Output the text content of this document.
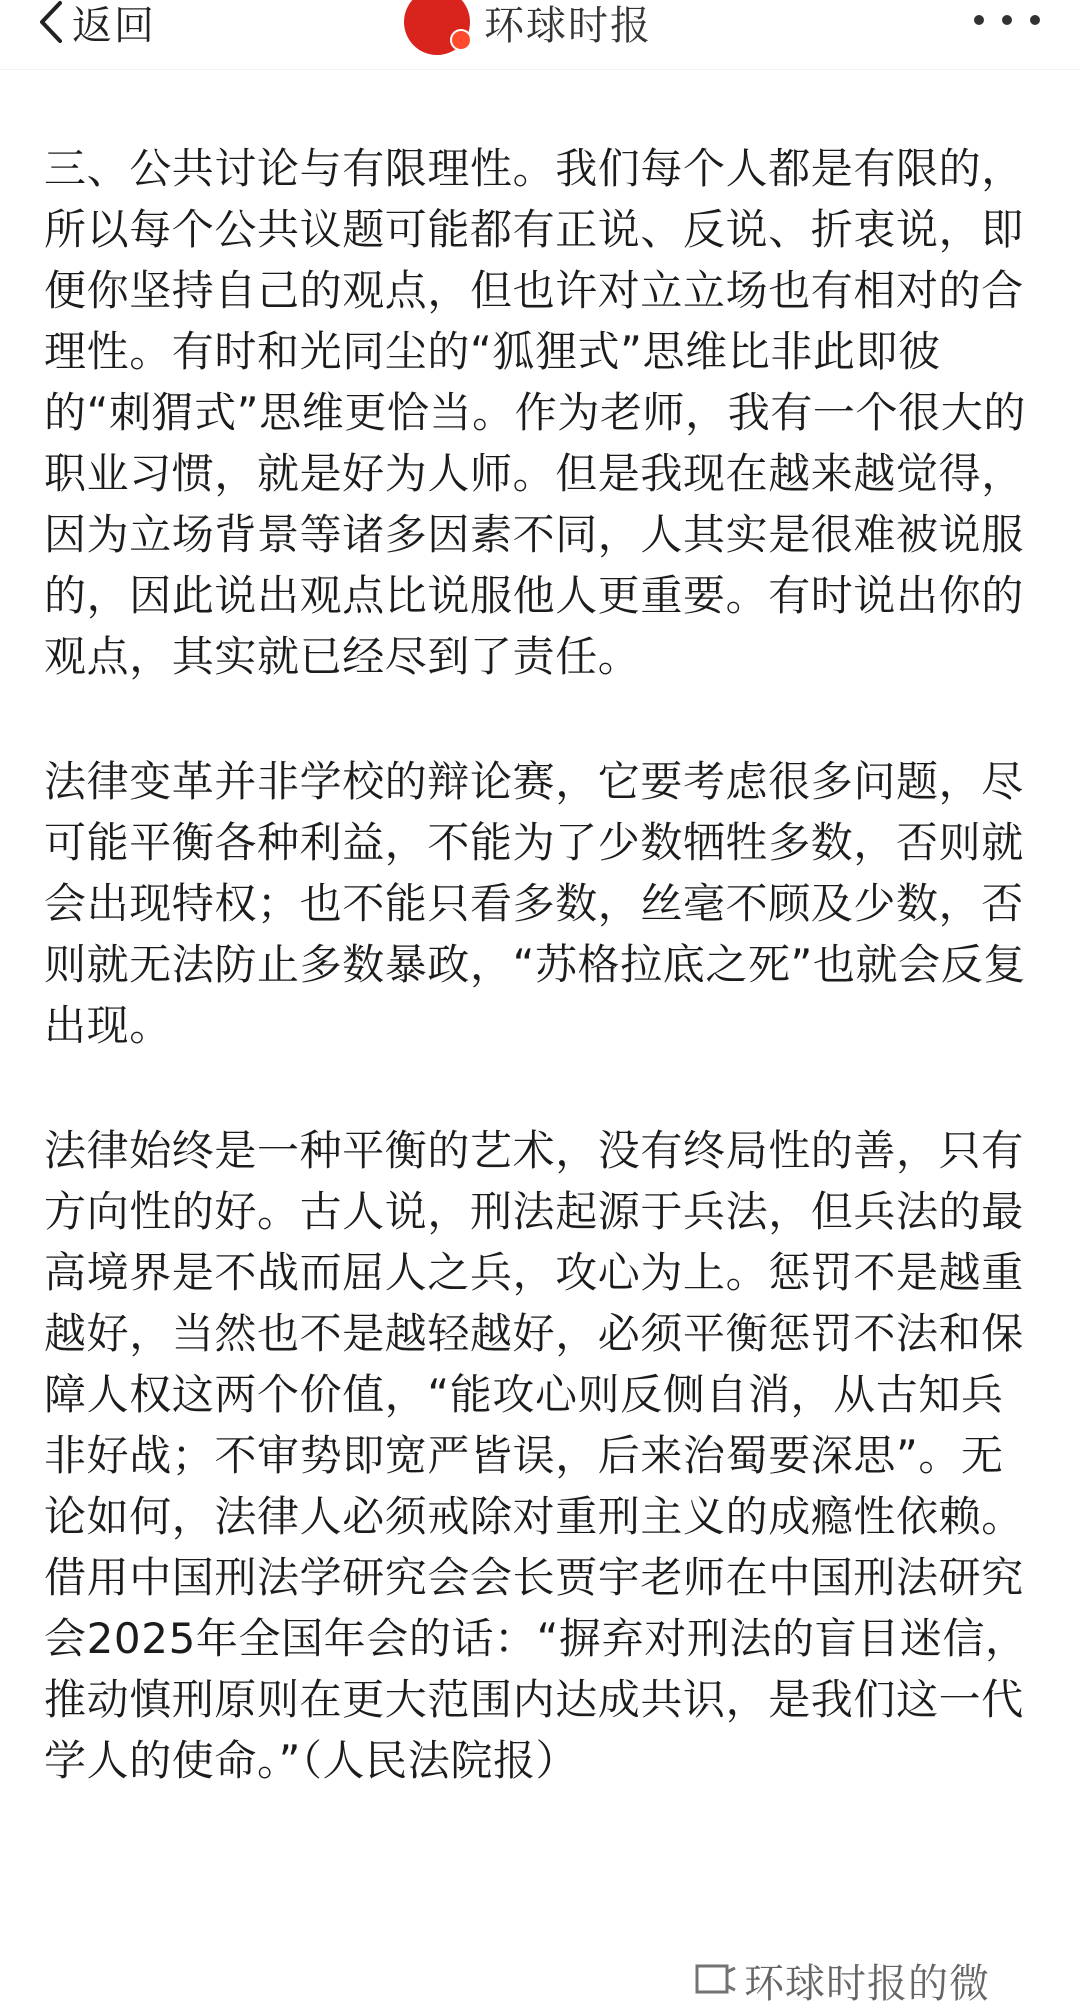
返回	环球时报

三、公共讨论与有限理性。我们每个人都是有限的，所以每个公共议题可能都有正说、反说、折衷说，即便你坚持自己的观点，但也许对立立场也有相对的合理性。有时和光同尘的“狐狸式”思维比非此即彼的“刺猬式”思维更恰当。作为老师，我有一个很大的职业习惯，就是好为人师。但是我现在越来越觉得，因为立场背景等诸多因素不同，人其实是很难被说服的，因此说出观点比说服他人更重要。有时说出你的观点，其实就已经尽到了责任。

法律变革并非学校的辩论赛，它要考虑很多问题，尽可能平衡各种利益，不能为了少数牺牲多数，否则就会出现特权；也不能只看多数，丝毫不顾及少数，否则就无法防止多数暴政，“苏格拉底之死”也就会反复出现。

法律始终是一种平衡的艺术，没有终局性的善，只有方向性的好。古人说，刑法起源于兵法，但兵法的最高境界是不战而屈人之兵，攻心为上。惩罚不是越重越好，当然也不是越轻越好，必须平衡惩罚不法和保障人权这两个价值，“能攻心则反侧自消，从古知兵非好战；不审势即宽严皆误，后来治蜀要深思”。无论如何，法律人必须戒除对重刑主义的成瘾性依赖。借用中国刑法学研究会会长贾宇老师在中国刑法研究会2025年全国年会的话：“摒弃对刑法的盲目迷信，推动慎刑原则在更大范围内达成共识，是我们这一代学人的使命。”（人民法院报）

环球时报的微
